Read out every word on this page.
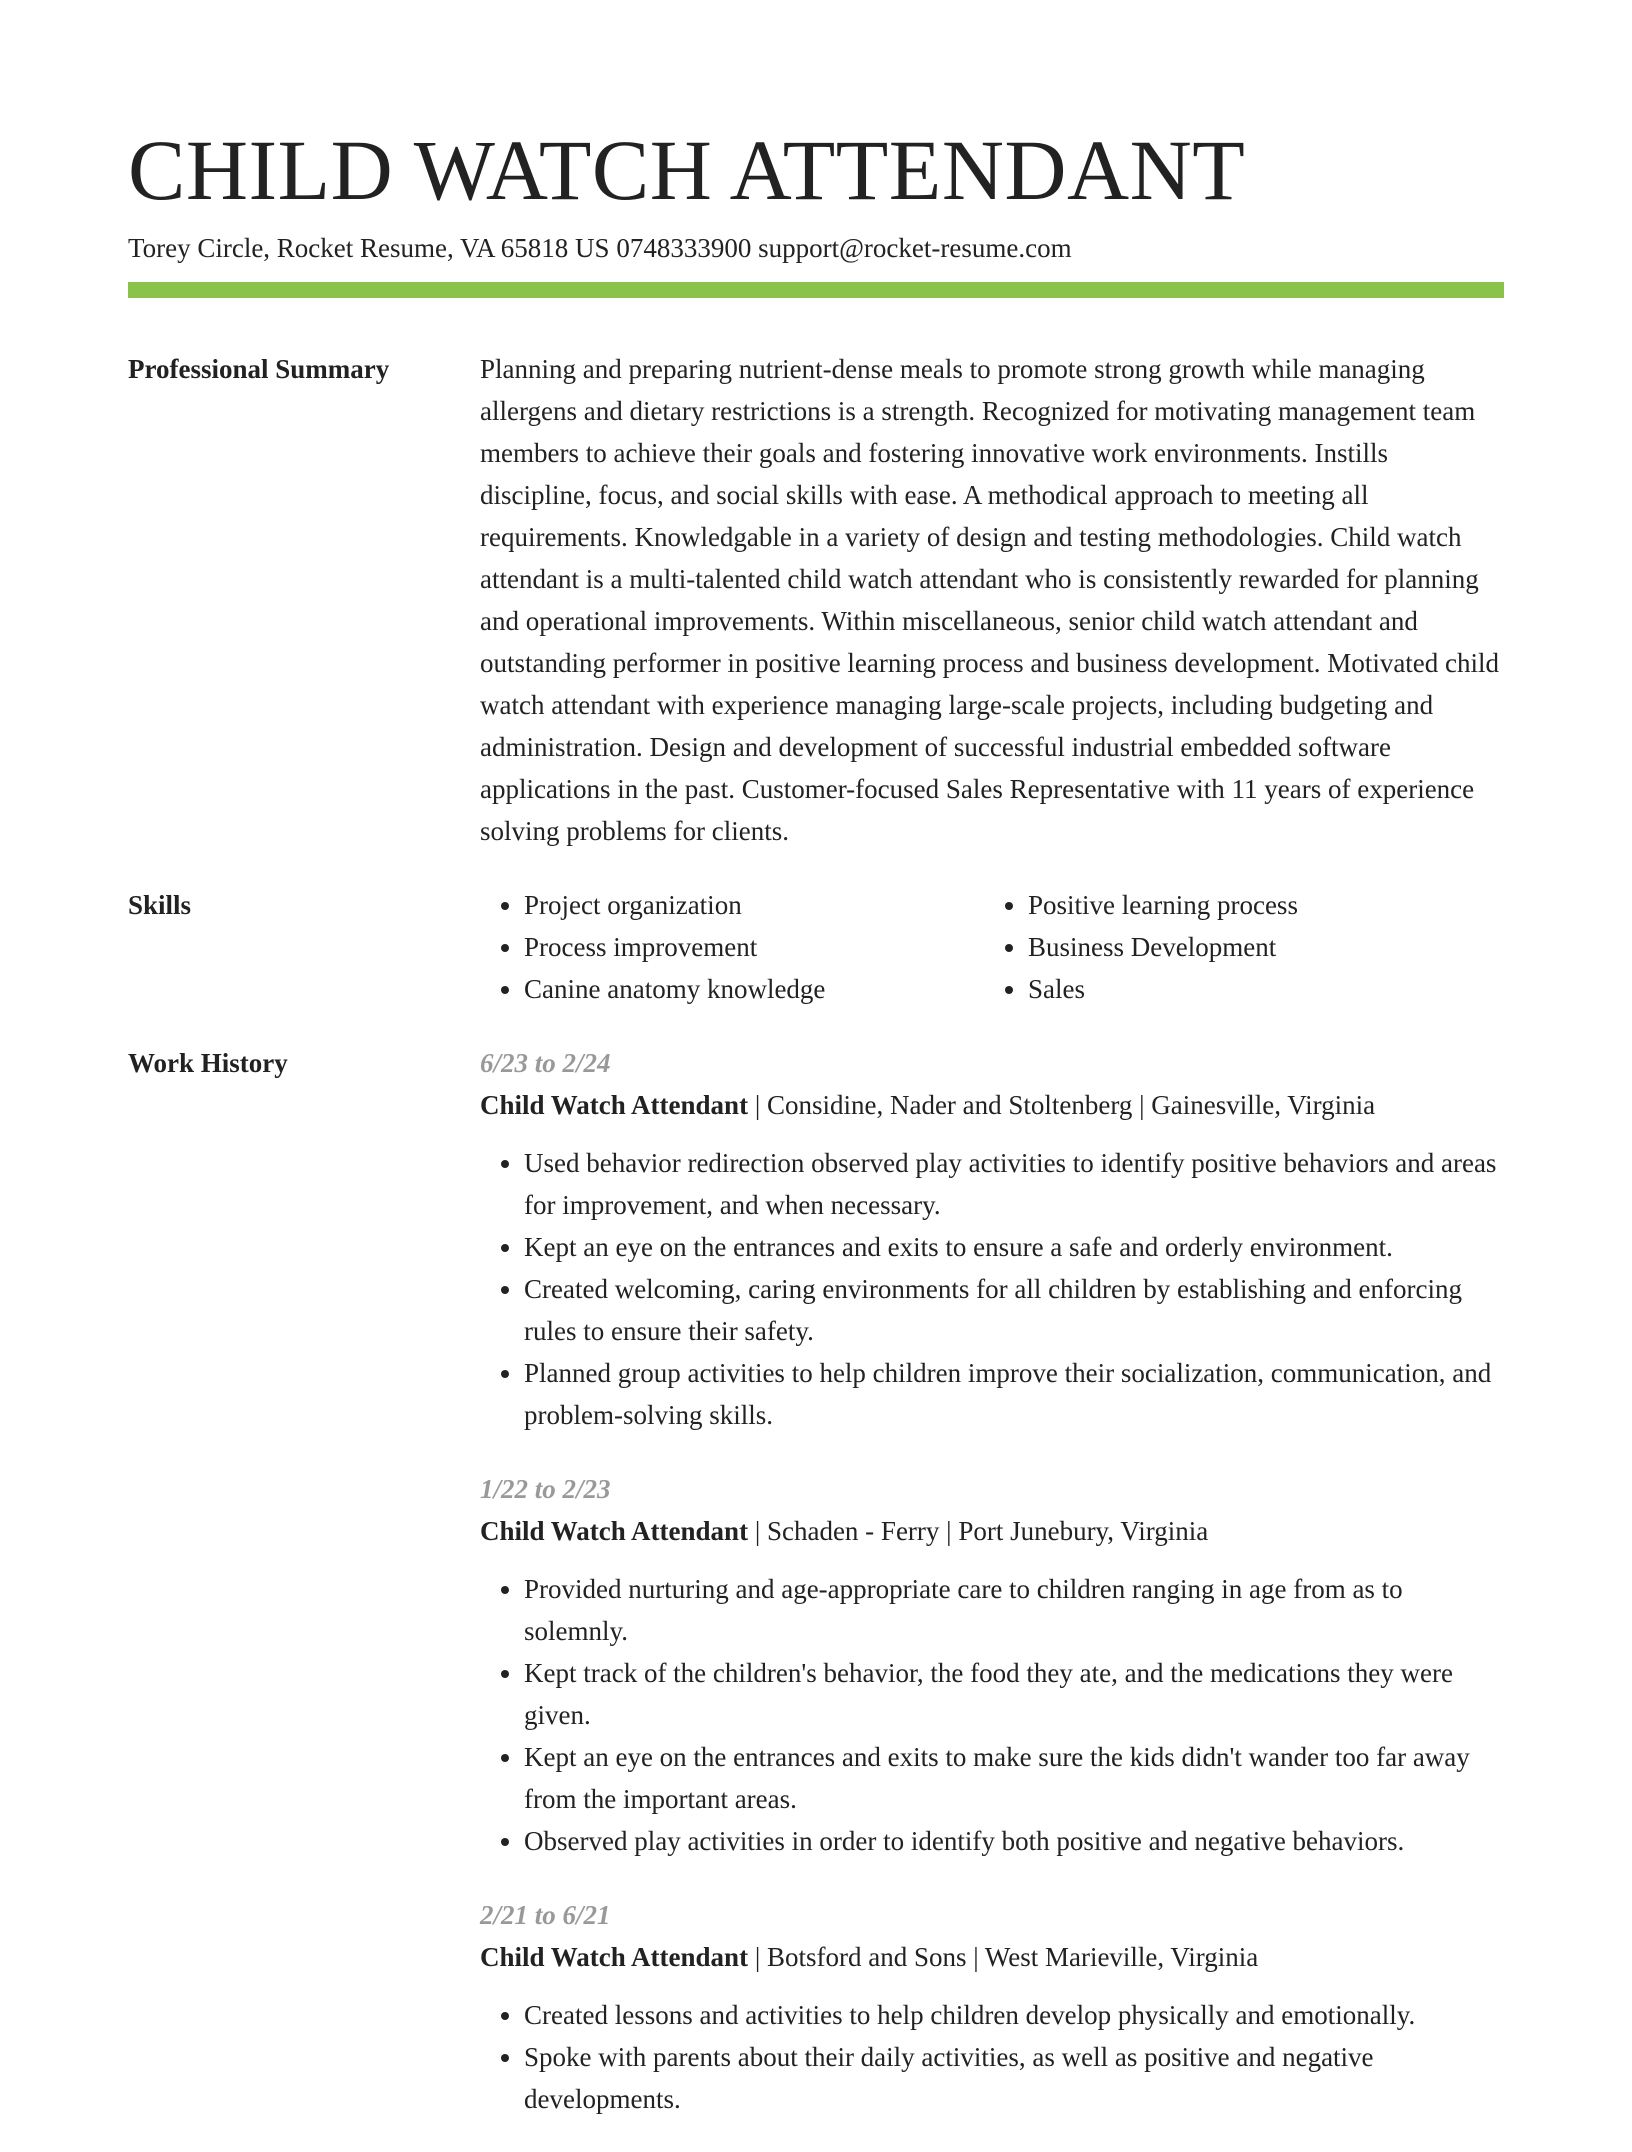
CHILD WATCH ATTENDANT
Torey Circle, Rocket Resume, VA 65818 US 0748333900 support@rocket-resume.com
Professional Summary	Planning and preparing nutrient-dense meals to promote strong growth while managing allergens and dietary restrictions is a strength. Recognized for motivating management team members to achieve their goals and fostering innovative work environments. Instills discipline, focus, and social skills with ease. A methodical approach to meeting all requirements. Knowledgable in a variety of design and testing methodologies. Child watch attendant is a multi-talented child watch attendant who is consistently rewarded for planning and operational improvements. Within miscellaneous, senior child watch attendant and outstanding performer in positive learning process and business development. Motivated child watch attendant with experience managing large-scale projects, including budgeting and administration. Design and development of successful industrial embedded software applications in the past. Customer-focused Sales Representative with 11 years of experience solving problems for clients.

Skills
•	Project organization
• Process improvement
• Canine anatomy knowledge
• Positive learning process
• Business Development
• Sales
Work History	6/23 to 2/24
Child Watch Attendant | Considine, Nader and Stoltenberg | Gainesville, Virginia
• Used behavior redirection observed play activities to identify positive behaviors and areas for improvement, and when necessary.
• Kept an eye on the entrances and exits to ensure a safe and orderly environment.
• Created welcoming, caring environments for all children by establishing and enforcing rules to ensure their safety.
• Planned group activities to help children improve their socialization, communication, and problem-solving skills.
1/22 to 2/23
Child Watch Attendant | Schaden - Ferry | Port Junebury, Virginia
• Provided nurturing and age-appropriate care to children ranging in age from as to solemnly.
• Kept track of the children's behavior, the food they ate, and the medications they were given.
• Kept an eye on the entrances and exits to make sure the kids didn't wander too far away from the important areas.
• Observed play activities in order to identify both positive and negative behaviors.
2/21 to 6/21
Child Watch Attendant | Botsford and Sons | West Marieville, Virginia
• Created lessons and activities to help children develop physically and emotionally.
• Spoke with parents about their daily activities, as well as positive and negative developments.
